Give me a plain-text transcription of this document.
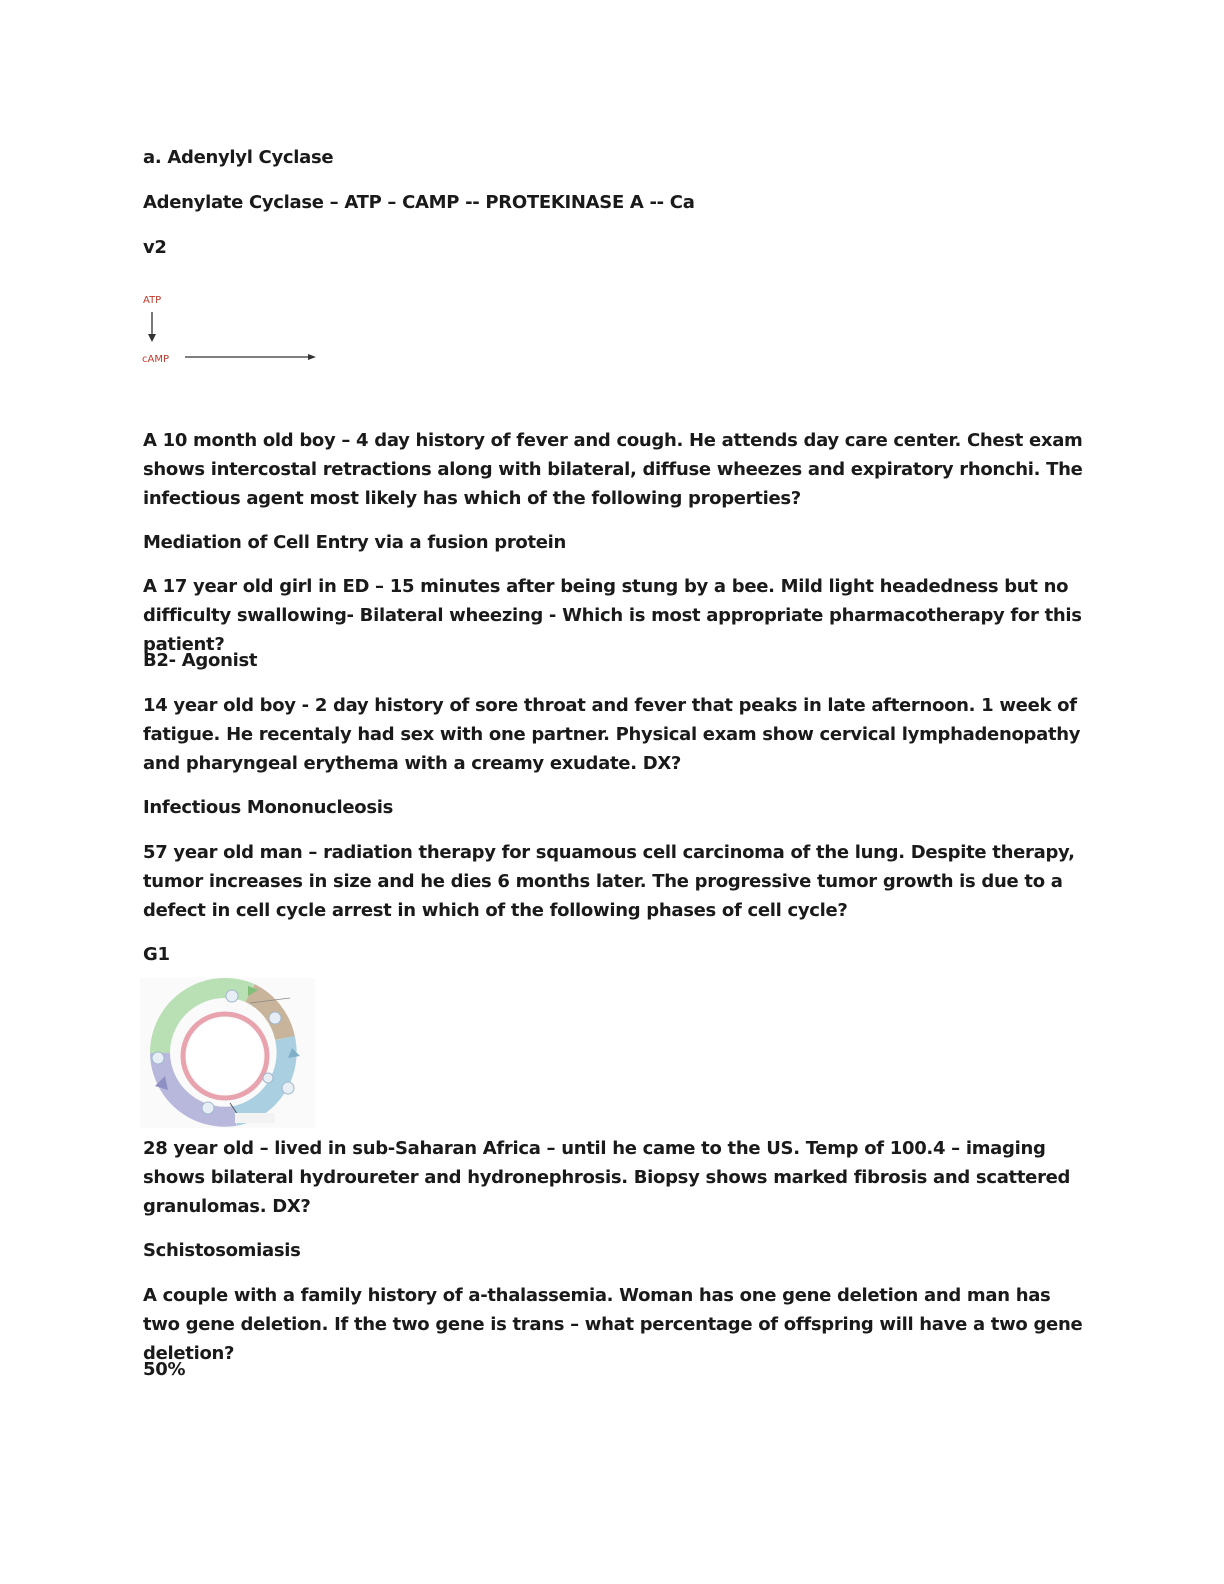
a. Adenylyl Cyclase
Adenylate Cyclase – ATP – CAMP -- PROTEKINASE A -- Ca
v2
ATP
cAMP
A 10 month old boy – 4 day history of fever and cough. He attends day care center. Chest exam shows intercostal retractions along with bilateral, diffuse wheezes and expiratory rhonchi. The infectious agent most likely has which of the following properties?
Mediation of Cell Entry via a fusion protein
A 17 year old girl in ED – 15 minutes after being stung by a bee. Mild light headedness but no difficulty swallowing- Bilateral wheezing - Which is most appropriate pharmacotherapy for this patient?
B2- Agonist
14 year old boy - 2 day history of sore throat and fever that peaks in late afternoon. 1 week of fatigue. He recentaly had sex with one partner. Physical exam show cervical lymphadenopathy and pharyngeal erythema with a creamy exudate. DX?
Infectious Mononucleosis
57 year old man – radiation therapy for squamous cell carcinoma of the lung. Despite therapy, tumor increases in size and he dies 6 months later. The progressive tumor growth is due to a defect in cell cycle arrest in which of the following phases of cell cycle?
G1
28 year old – lived in sub-Saharan Africa – until he came to the US. Temp of 100.4 – imaging shows bilateral hydroureter and hydronephrosis. Biopsy shows marked fibrosis and scattered granulomas. DX?
Schistosomiasis
A couple with a family history of a-thalassemia. Woman has one gene deletion and man has two gene deletion. If the two gene is trans – what percentage of offspring will have a two gene deletion?
50%
